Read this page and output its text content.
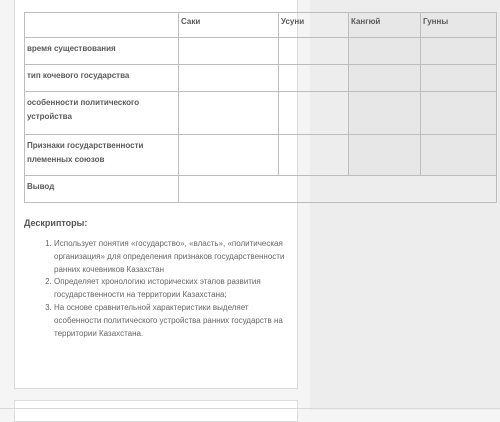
	Саки	Усуни	Кангюй	Гунны
время существования				
тип кочевого государства				
особенности политического устройства				
Признаки государственности племенных союзов				
Вывод				
Дескрипторы:
1. Использует понятия «государство», «власть», «политическая организация» для определения признаков государственности ранних кочевников Казахстан
2. Определяет хронологию исторических этапов развития государственности на территории Казахстана;
3. На основе сравнительной характеристики выделяет особенности политического устройства ранних государств на территории Казахстана.
